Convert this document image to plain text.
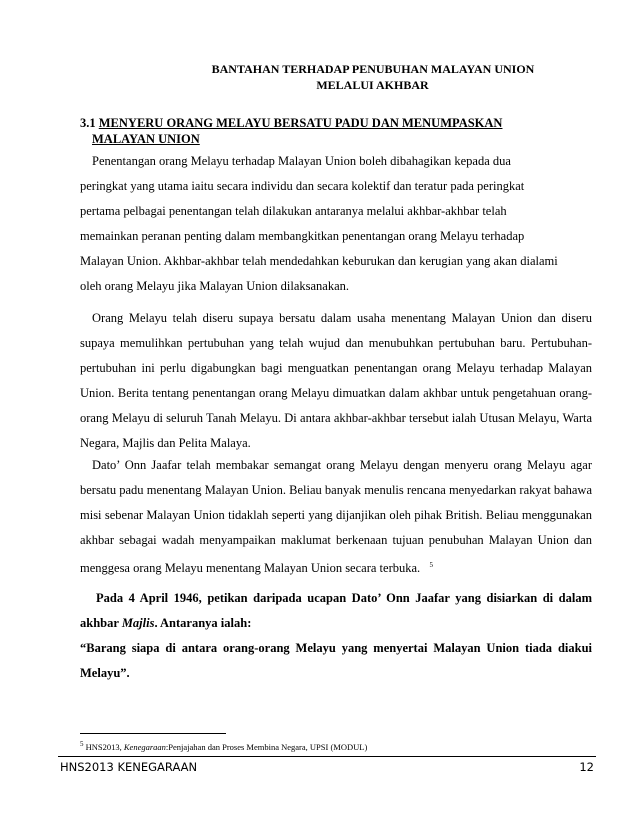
BANTAHAN TERHADAP PENUBUHAN MALAYAN UNION
MELALUI AKHBAR
3.1 MENYERU ORANG MELAYU BERSATU PADU DAN MENUMPASKAN
MALAYAN UNION
Penentangan orang Melayu terhadap Malayan Union boleh dibahagikan kepada dua
peringkat yang utama iaitu secara individu dan secara kolektif dan teratur pada peringkat
pertama pelbagai penentangan telah dilakukan antaranya melalui akhbar-akhbar telah
memainkan peranan penting dalam membangkitkan penentangan orang Melayu terhadap
Malayan Union. Akhbar-akhbar telah mendedahkan keburukan dan kerugian yang akan dialami
oleh orang Melayu jika Malayan Union dilaksanakan.
Orang Melayu telah diseru supaya bersatu dalam usaha menentang Malayan Union dan diseru
supaya memulihkan pertubuhan yang telah wujud dan menubuhkan pertubuhan baru. Pertubuhan-
pertubuhan ini perlu digabungkan bagi menguatkan penentangan orang Melayu terhadap Malayan
Union. Berita tentang penentangan orang Melayu dimuatkan dalam akhbar untuk pengetahuan orang-
orang Melayu di seluruh Tanah Melayu. Di antara akhbar-akhbar tersebut ialah Utusan Melayu, Warta
Negara, Majlis dan Pelita Malaya.
Dato’ Onn Jaafar telah membakar semangat orang Melayu dengan menyeru orang Melayu agar
bersatu padu menentang Malayan Union. Beliau banyak menulis rencana menyedarkan rakyat bahawa
misi sebenar Malayan Union tidaklah seperti yang dijanjikan oleh pihak British. Beliau menggunakan
akhbar sebagai wadah menyampaikan maklumat berkenaan tujuan penubuhan Malayan Union dan
menggesa orang Melayu menentang Malayan Union secara terbuka. $^5$
Pada 4 April 1946, petikan daripada ucapan Dato’ Onn Jaafar yang disiarkan di dalam
akhbar Majlis. Antaranya ialah:
“Barang siapa di antara orang-orang Melayu yang menyertai Malayan Union tiada diakui
Melayu”.
$^5$ HNS2013, Kenegaraan:Penjajahan dan Proses Membina Negara, UPSI (MODUL)
HNS2013 KENEGARAAN	12
